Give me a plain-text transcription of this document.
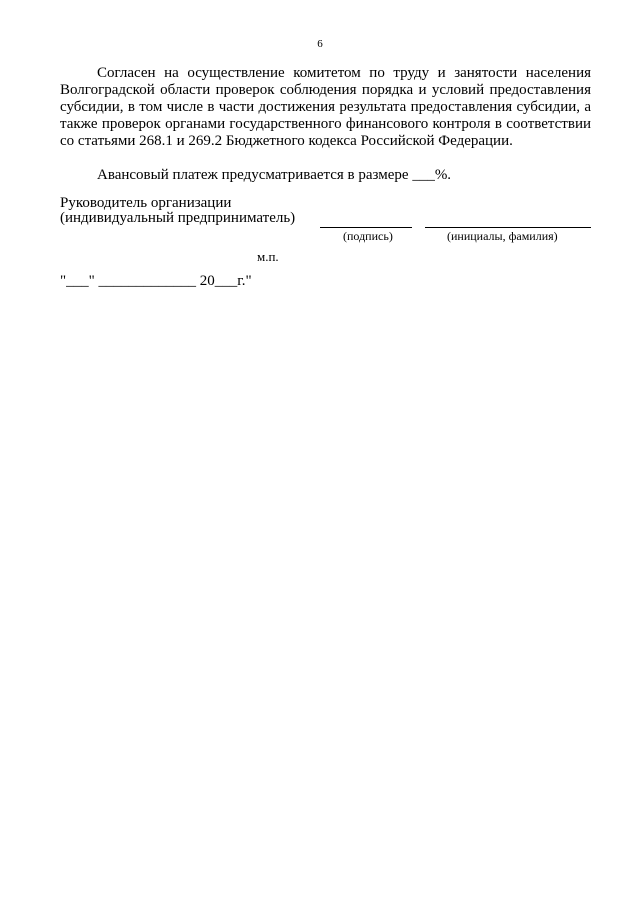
6

Согласен на осуществление комитетом по труду и занятости населения Волгоградской области проверок соблюдения порядка и условий предоставления субсидии, в том числе в части достижения результата предоставления субсидии, а также проверок органами государственного финансового контроля в соответствии со статьями 268.1 и 269.2 Бюджетного кодекса Российской Федерации.

Авансовый платеж предусматривается в размере ___%.

Руководитель организации
(индивидуальный предприниматель)
(подпись)	(инициалы, фамилия)
м.п.
"___" _____________ 20___г."
